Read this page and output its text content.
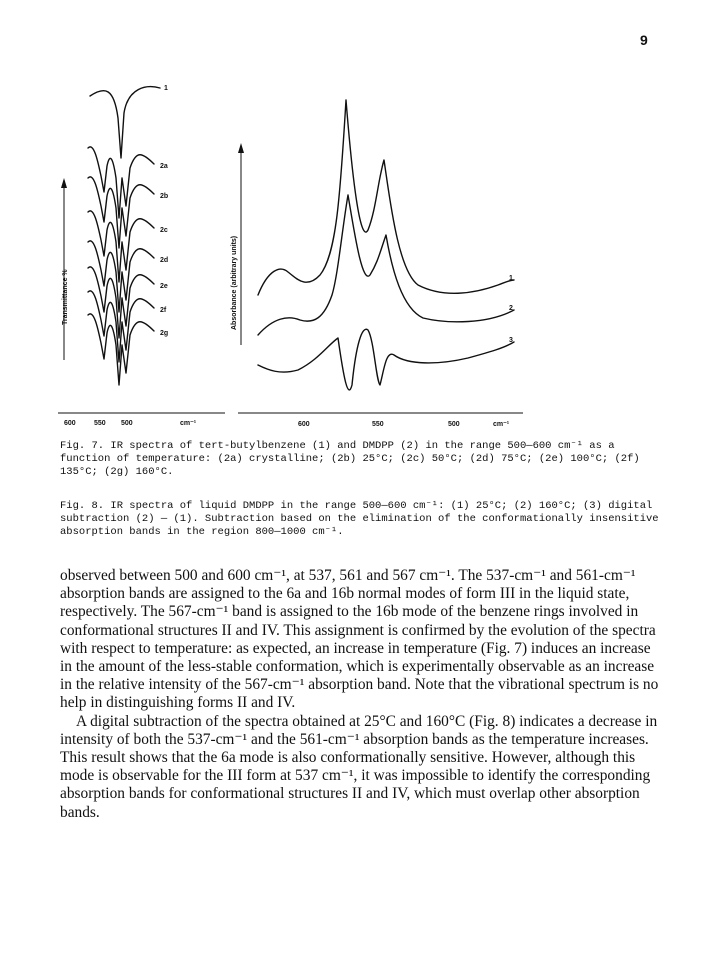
9
Transmittance %
600	550 500	cm⁻¹
1
2a
2b
2c
2d
2e
2f
2g
Absorbance (arbitrary units)
600	550	500	cm⁻¹
1
2
3
Fig. 7. IR spectra of tert-butylbenzene (1) and DMDPP (2) in the range 500—600 cm⁻¹ as a function of temperature: (2a) crystalline; (2b) 25°C; (2c) 50°C; (2d) 75°C; (2e) 100°C; (2f) 135°C; (2g) 160°C.
Fig. 8. IR spectra of liquid DMDPP in the range 500—600 cm⁻¹: (1) 25°C; (2) 160°C; (3) digital subtraction (2) — (1). Subtraction based on the elimination of the conformationally insensitive absorption bands in the region 800—1000 cm⁻¹.

observed between 500 and 600 cm⁻¹, at 537, 561 and 567 cm⁻¹. The 537-cm⁻¹ and 561-cm⁻¹ absorption bands are assigned to the 6a and 16b normal modes of form III in the liquid state, respectively. The 567-cm⁻¹ band is assigned to the 16b mode of the benzene rings involved in conformational structures II and IV. This assignment is confirmed by the evolution of the spectra with respect to temperature: as expected, an increase in temperature (Fig. 7) induces an increase in the amount of the less-stable conformation, which is experimentally observable as an increase in the relative intensity of the 567-cm⁻¹ absorption band. Note that the vibrational spectrum is no help in distinguishing forms II and IV.

A digital subtraction of the spectra obtained at 25°C and 160°C (Fig. 8) indicates a decrease in intensity of both the 537-cm⁻¹ and the 561-cm⁻¹ absorption bands as the temperature increases. This result shows that the 6a mode is also conformationally sensitive. However, although this mode is observable for the III form at 537 cm⁻¹, it was impossible to identify the corresponding absorption bands for conformational structures II and IV, which must overlap other absorption bands.
